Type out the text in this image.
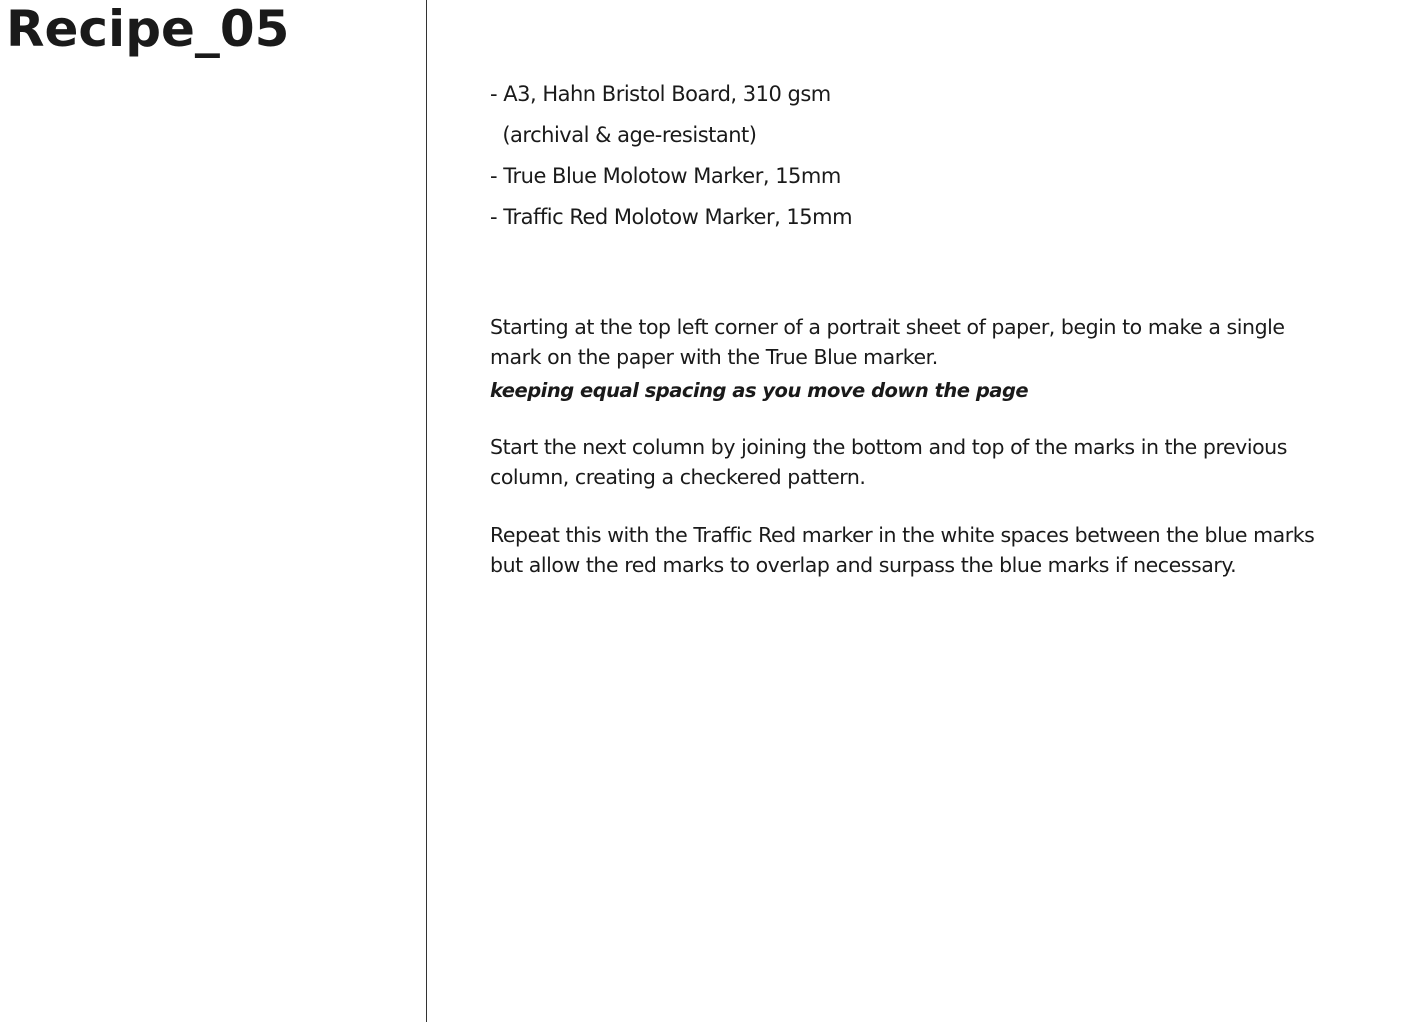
Recipe_05
- A3, Hahn Bristol Board, 310 gsm
(archival & age-resistant)
- True Blue Molotow Marker, 15mm
- Traffic Red Molotow Marker, 15mm
Starting at the top left corner of a portrait sheet of paper, begin to make a single
mark on the paper with the True Blue marker.
keeping equal spacing as you move down the page
Start the next column by joining the bottom and top of the marks in the previous
column, creating a checkered pattern.
Repeat this with the Traffic Red marker in the white spaces between the blue marks
but allow the red marks to overlap and surpass the blue marks if necessary.
